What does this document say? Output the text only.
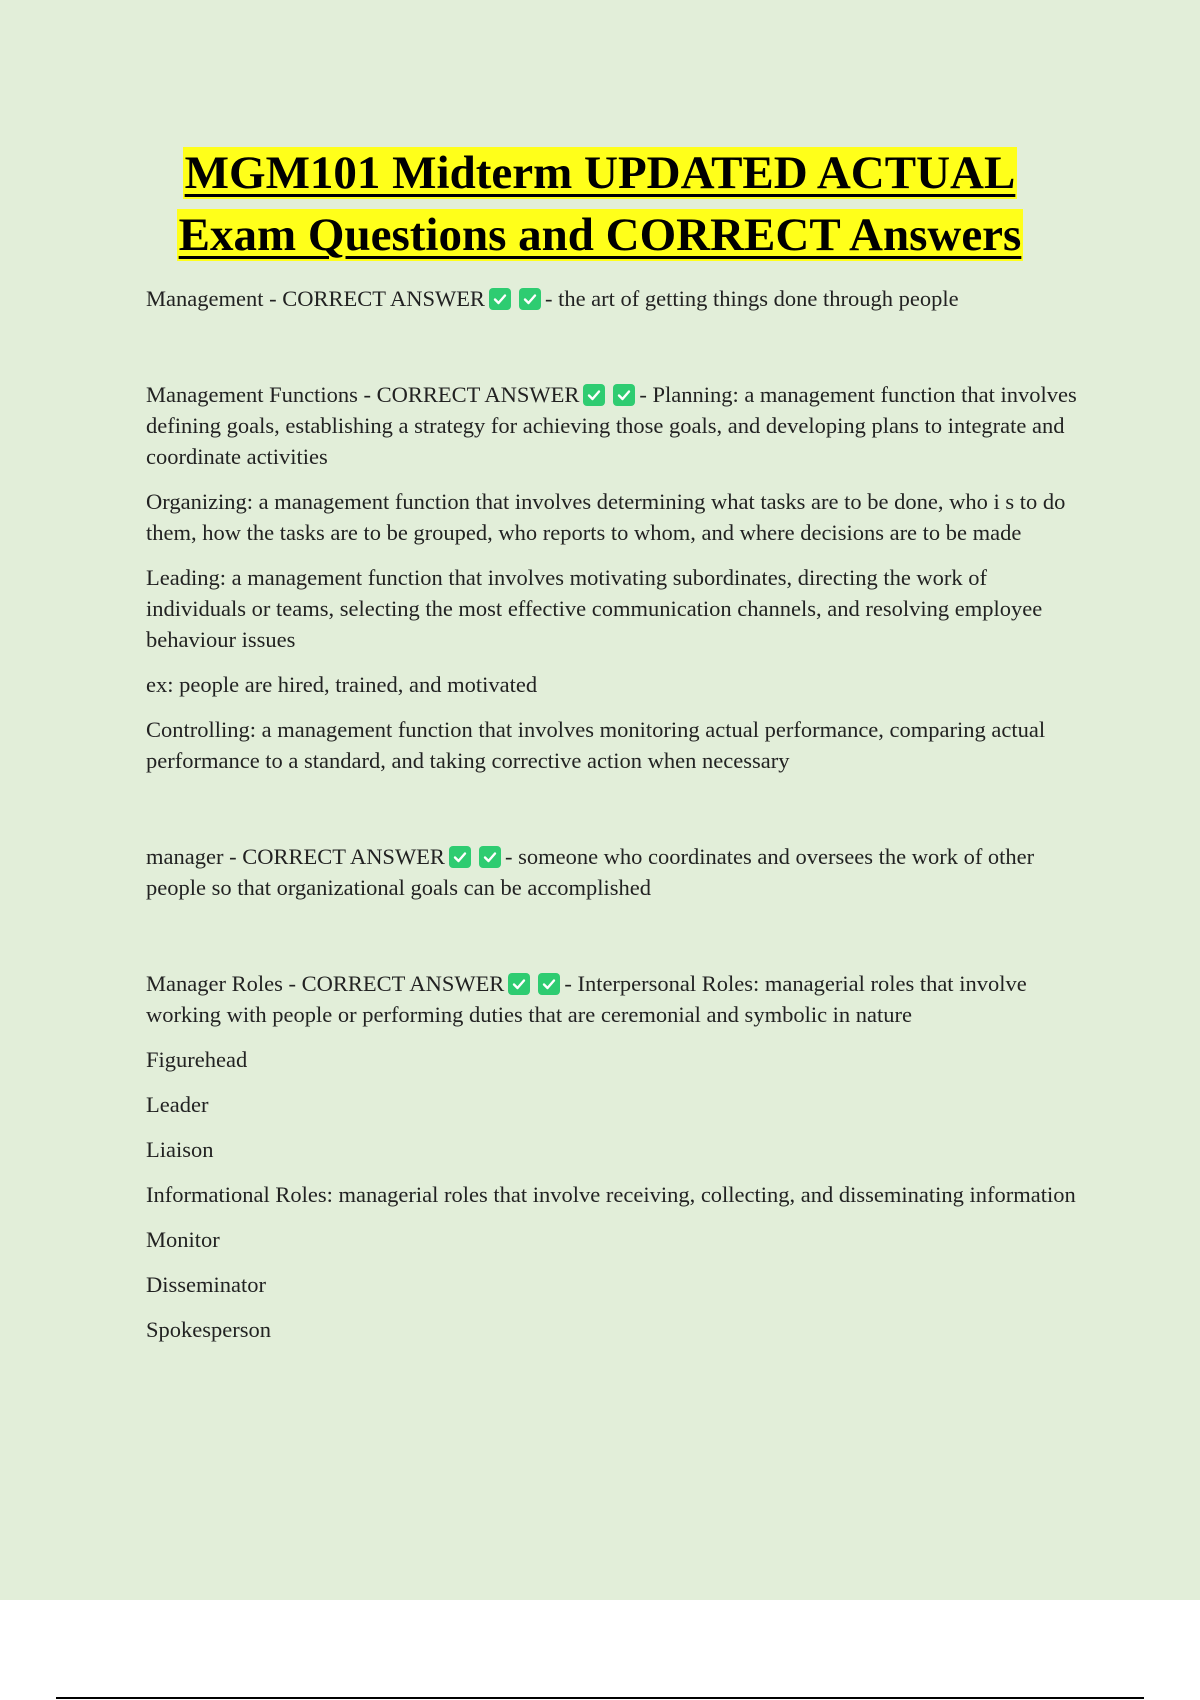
MGM101 Midterm UPDATED ACTUAL
Exam Questions and CORRECT Answers
Management - CORRECT ANSWER	- the art of getting things done through people
Management Functions - CORRECT ANSWER	- Planning: a management function that involves defining goals, establishing a strategy for achieving those goals, and developing plans to integrate and coordinate activities

Organizing: a management function that involves determining what tasks are to be done, who i s to do them, how the tasks are to be grouped, who reports to whom, and where decisions are to be made

Leading: a management function that involves motivating subordinates, directing the work of individuals or teams, selecting the most effective communication channels, and resolving employee behaviour issues

ex: people are hired, trained, and motivated

Controlling: a management function that involves monitoring actual performance, comparing actual performance to a standard, and taking corrective action when necessary

manager - CORRECT ANSWER	- someone who coordinates and oversees the work of other people so that organizational goals can be accomplished
Manager Roles - CORRECT ANSWER	- Interpersonal Roles: managerial roles that involve working with people or performing duties that are ceremonial and symbolic in nature

Figurehead

Leader

Liaison

Informational Roles: managerial roles that involve receiving, collecting, and disseminating information

Monitor

Disseminator

Spokesperson
